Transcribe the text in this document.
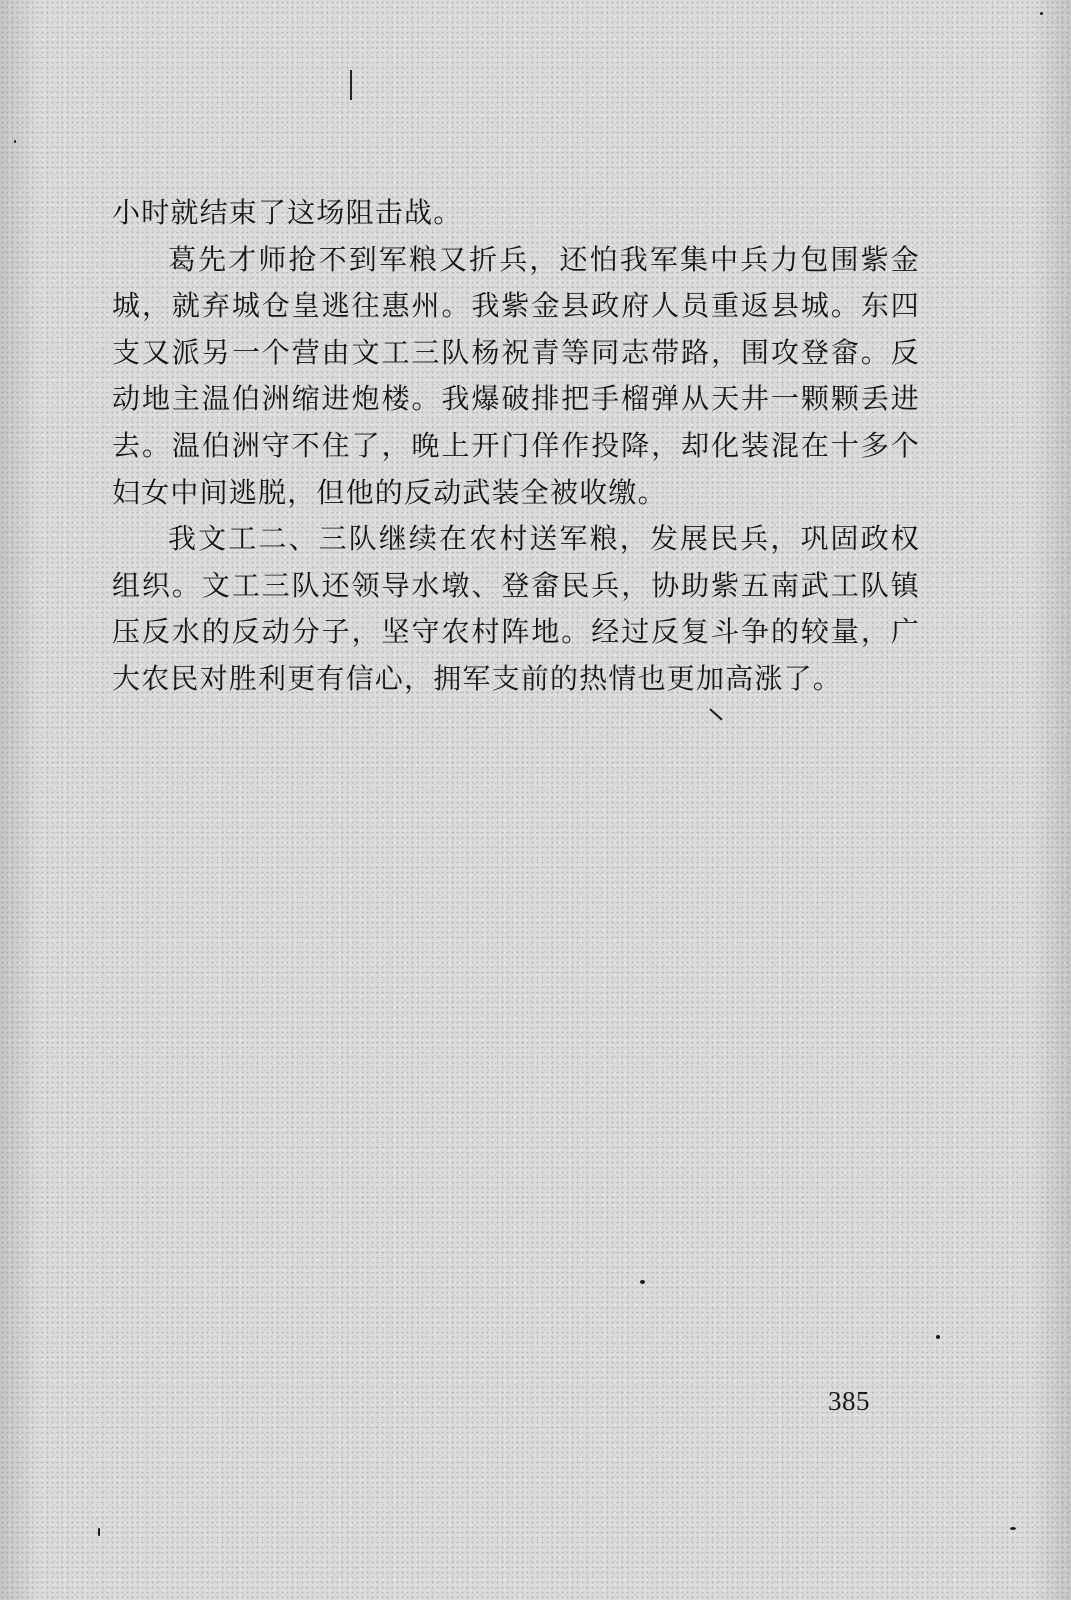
小时就结束了这场阻击战。

葛先才师抢不到军粮又折兵，还怕我军集中兵力包围紫金城，就弃城仓皇逃往惠州。我紫金县政府人员重返县城。东四支又派另一个营由文工三队杨祝青等同志带路，围攻登畲。反动地主温伯洲缩进炮楼。我爆破排把手榴弹从天井一颗颗丢进去。温伯洲守不住了，晚上开门佯作投降，却化装混在十多个妇女中间逃脱，但他的反动武装全被收缴。

我文工二、三队继续在农村送军粮，发展民兵，巩固政权组织。文工三队还领导水墩、登畲民兵，协助紫五南武工队镇压反水的反动分子，坚守农村阵地。经过反复斗争的较量，广大农民对胜利更有信心，拥军支前的热情也更加高涨了。

385
